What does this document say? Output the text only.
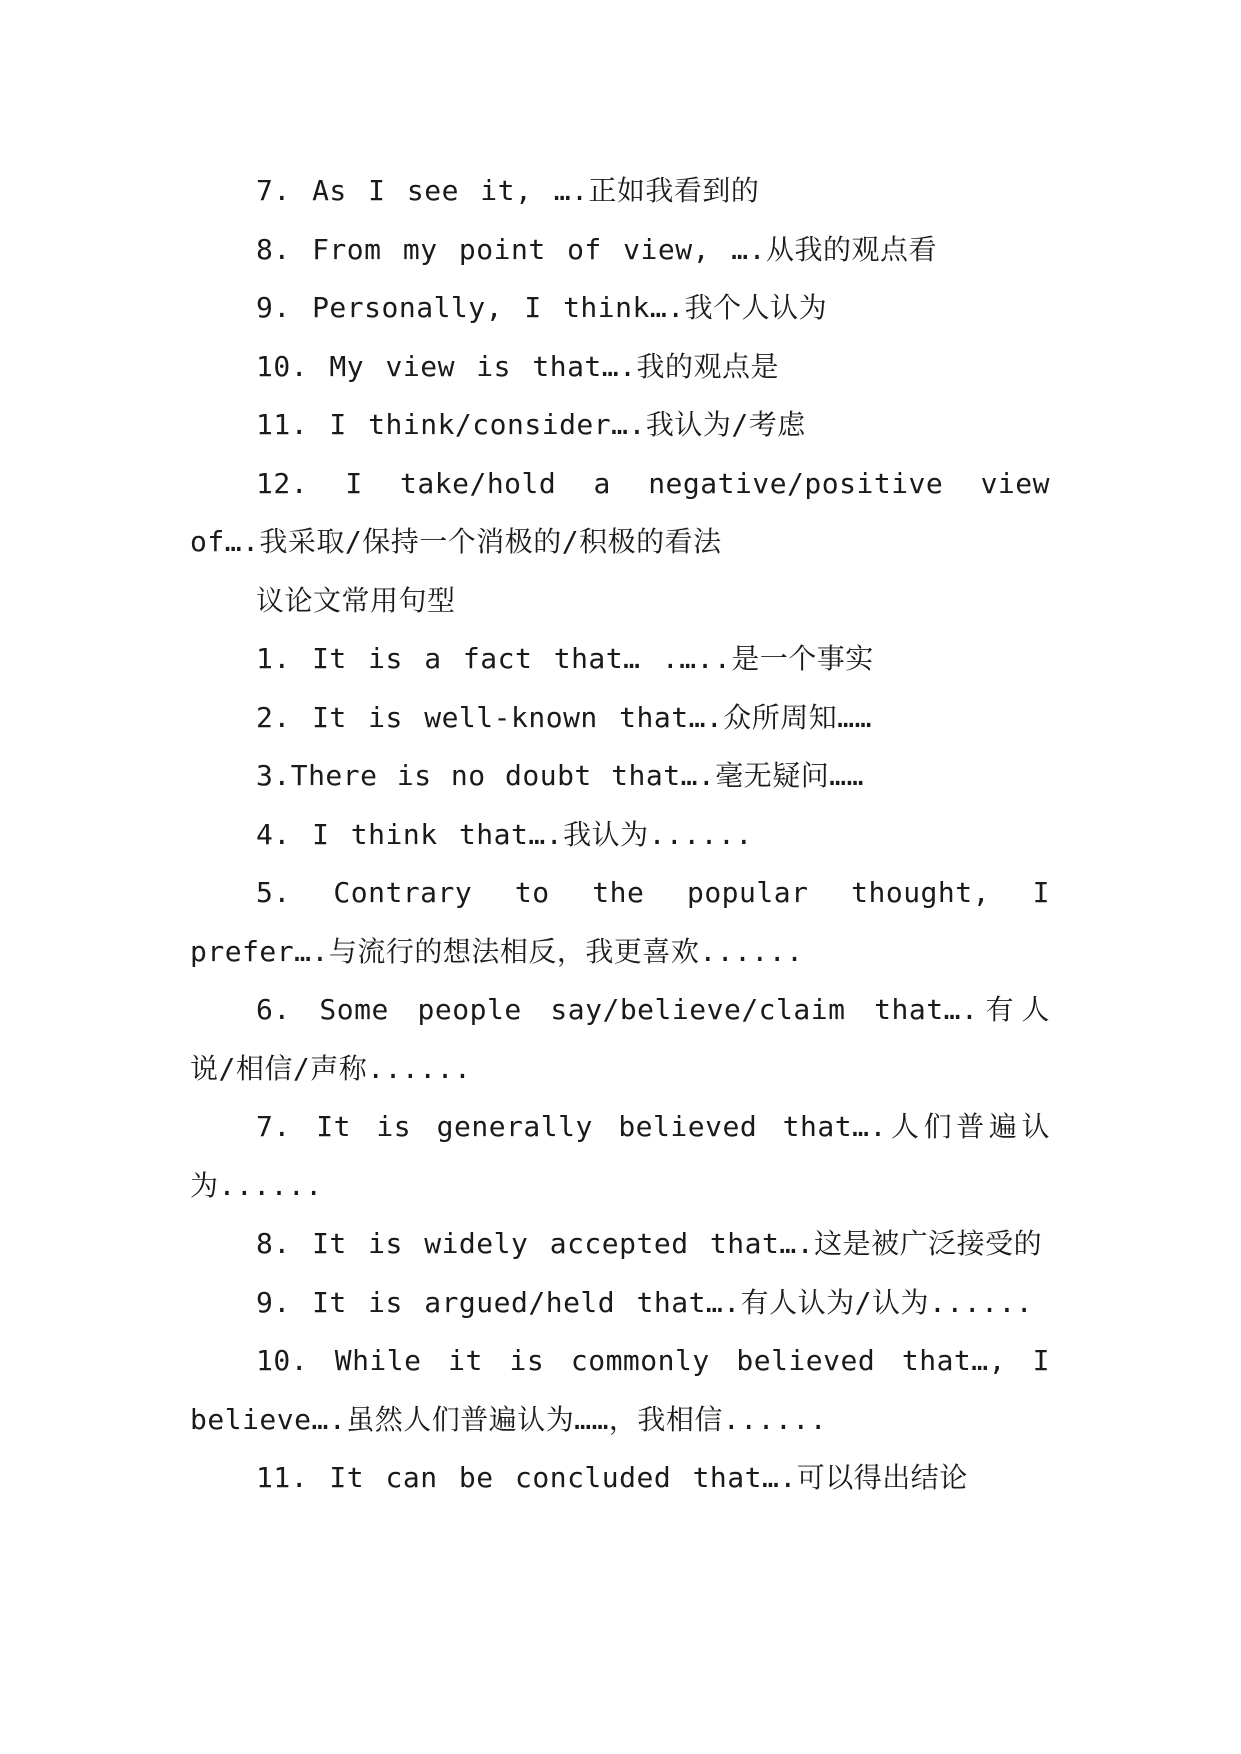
7. As I see it, ….正如我看到的

8. From my point of view, ….从我的观点看

9. Personally, I think….我个人认为

10. My view is that….我的观点是

11. I think/consider….我认为/考虑

12. I take/hold a negative/positive view of….我采取/保持一个消极的/积极的看法

议论文常用句型

1. It is a fact that… .…..是一个事实

2. It is well-known that….众所周知……

3.There is no doubt that….毫无疑问……

4. I think that….我认为......

5. Contrary to the popular thought, I prefer….与流行的想法相反，我更喜欢......

6. Some people say/believe/claim that….有人说/相信/声称......

7. It is generally believed that….人们普遍认为......

8. It is widely accepted that….这是被广泛接受的

9. It is argued/held that….有人认为/认为......

10. While it is commonly believed that…, I believe….虽然人们普遍认为……，我相信......

11. It can be concluded that….可以得出结论
